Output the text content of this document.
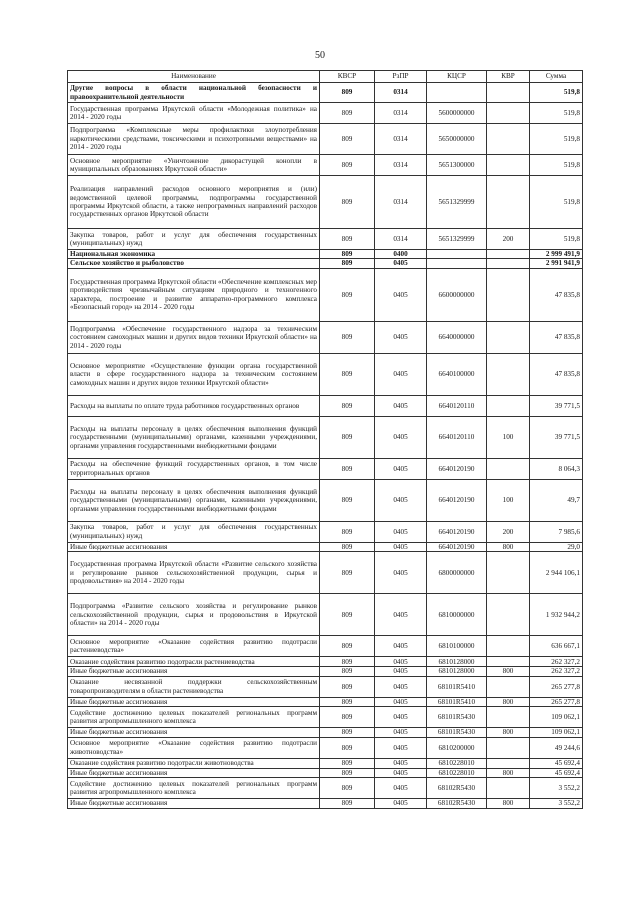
50
Наименование	КВСР	РзПР	КЦСР	КВР	Сумма
Другие вопросы в области национальной безопасности и правоохранительной деятельности	809	0314			519,8
Государственная программа Иркутской области «Молодежная политика» на 2014 - 2020 годы	809	0314	5600000000		519,8
Подпрограмма «Комплексные меры профилактики злоупотребления наркотическими средствами, токсическими и психотропными веществами» на 2014 - 2020 годы	809	0314	5650000000		519,8
Основное мероприятие «Уничтожение дикорастущей конопли в муниципальных образованиях Иркутской области»	809	0314	5651300000		519,8
Реализация направлений расходов основного мероприятия и (или) ведомственной целевой программы, подпрограммы государственной программы Иркутской области, а также непрограммных направлений расходов государственных органов Иркутской области	809	0314	5651329999		519,8
Закупка товаров, работ и услуг для обеспечения государственных (муниципальных) нужд	809	0314	5651329999	200	519,8
Национальная экономика	809	0400			2 999 491,9
Сельское хозяйство и рыболовство	809	0405			2 991 941,9
Государственная программа Иркутской области «Обеспечение комплексных мер противодействия чрезвычайным ситуациям природного и техногенного характера, построение и развитие аппаратно-программного комплекса «Безопасный город» на 2014 - 2020 годы	809	0405	6600000000		47 835,8
Подпрограмма «Обеспечение государственного надзора за техническим состоянием самоходных машин и других видов техники Иркутской области» на 2014 - 2020 годы	809	0405	6640000000		47 835,8
Основное мероприятие «Осуществление функции органа государственной власти в сфере государственного надзора за техническим состоянием самоходных машин и других видов техники Иркутской области»	809	0405	6640100000		47 835,8
Расходы на выплаты по оплате труда работников государственных органов	809	0405	6640120110		39 771,5
Расходы на выплаты персоналу в целях обеспечения выполнения функций государственными (муниципальными) органами, казенными учреждениями, органами управления государственными внебюджетными фондами	809	0405	6640120110	100	39 771,5
Расходы на обеспечение функций государственных органов, в том числе территориальных органов	809	0405	6640120190		8 064,3
Расходы на выплаты персоналу в целях обеспечения выполнения функций государственными (муниципальными) органами, казенными учреждениями, органами управления государственными внебюджетными фондами	809	0405	6640120190	100	49,7
Закупка товаров, работ и услуг для обеспечения государственных (муниципальных) нужд	809	0405	6640120190	200	7 985,6
Иные бюджетные ассигнования	809	0405	6640120190	800	29,0
Государственная программа Иркутской области «Развитие сельского хозяйства и регулирование рынков сельскохозяйственной продукции, сырья и продовольствия» на 2014 - 2020 годы	809	0405	6800000000		2 944 106,1
Подпрограмма «Развитие сельского хозяйства и регулирование рынков сельскохозяйственной продукции, сырья и продовольствия в Иркутской области» на 2014 - 2020 годы	809	0405	6810000000		1 932 944,2
Основное мероприятие «Оказание содействия развитию подотрасли растениеводства»	809	0405	6810100000		636 667,1
Оказание содействия развитию подотрасли растениеводства	809	0405	6810128000		262 327,2
Иные бюджетные ассигнования	809	0405	6810128000	800	262 327,2
Оказание несвязанной поддержки сельскохозяйственным товаропроизводителям в области растениеводства	809	0405	68101R5410		265 277,8
Иные бюджетные ассигнования	809	0405	68101R5410	800	265 277,8
Содействие достижению целевых показателей региональных программ развития агропромышленного комплекса	809	0405	68101R5430		109 062,1
Иные бюджетные ассигнования	809	0405	68101R5430	800	109 062,1
Основное мероприятие «Оказание содействия развитию подотрасли животноводства»	809	0405	6810200000		49 244,6
Оказание содействия развитию подотрасли животноводства	809	0405	6810228010		45 692,4
Иные бюджетные ассигнования	809	0405	6810228010	800	45 692,4
Содействие достижению целевых показателей региональных программ развития агропромышленного комплекса	809	0405	68102R5430		3 552,2
Иные бюджетные ассигнования	809	0405	68102R5430	800	3 552,2
